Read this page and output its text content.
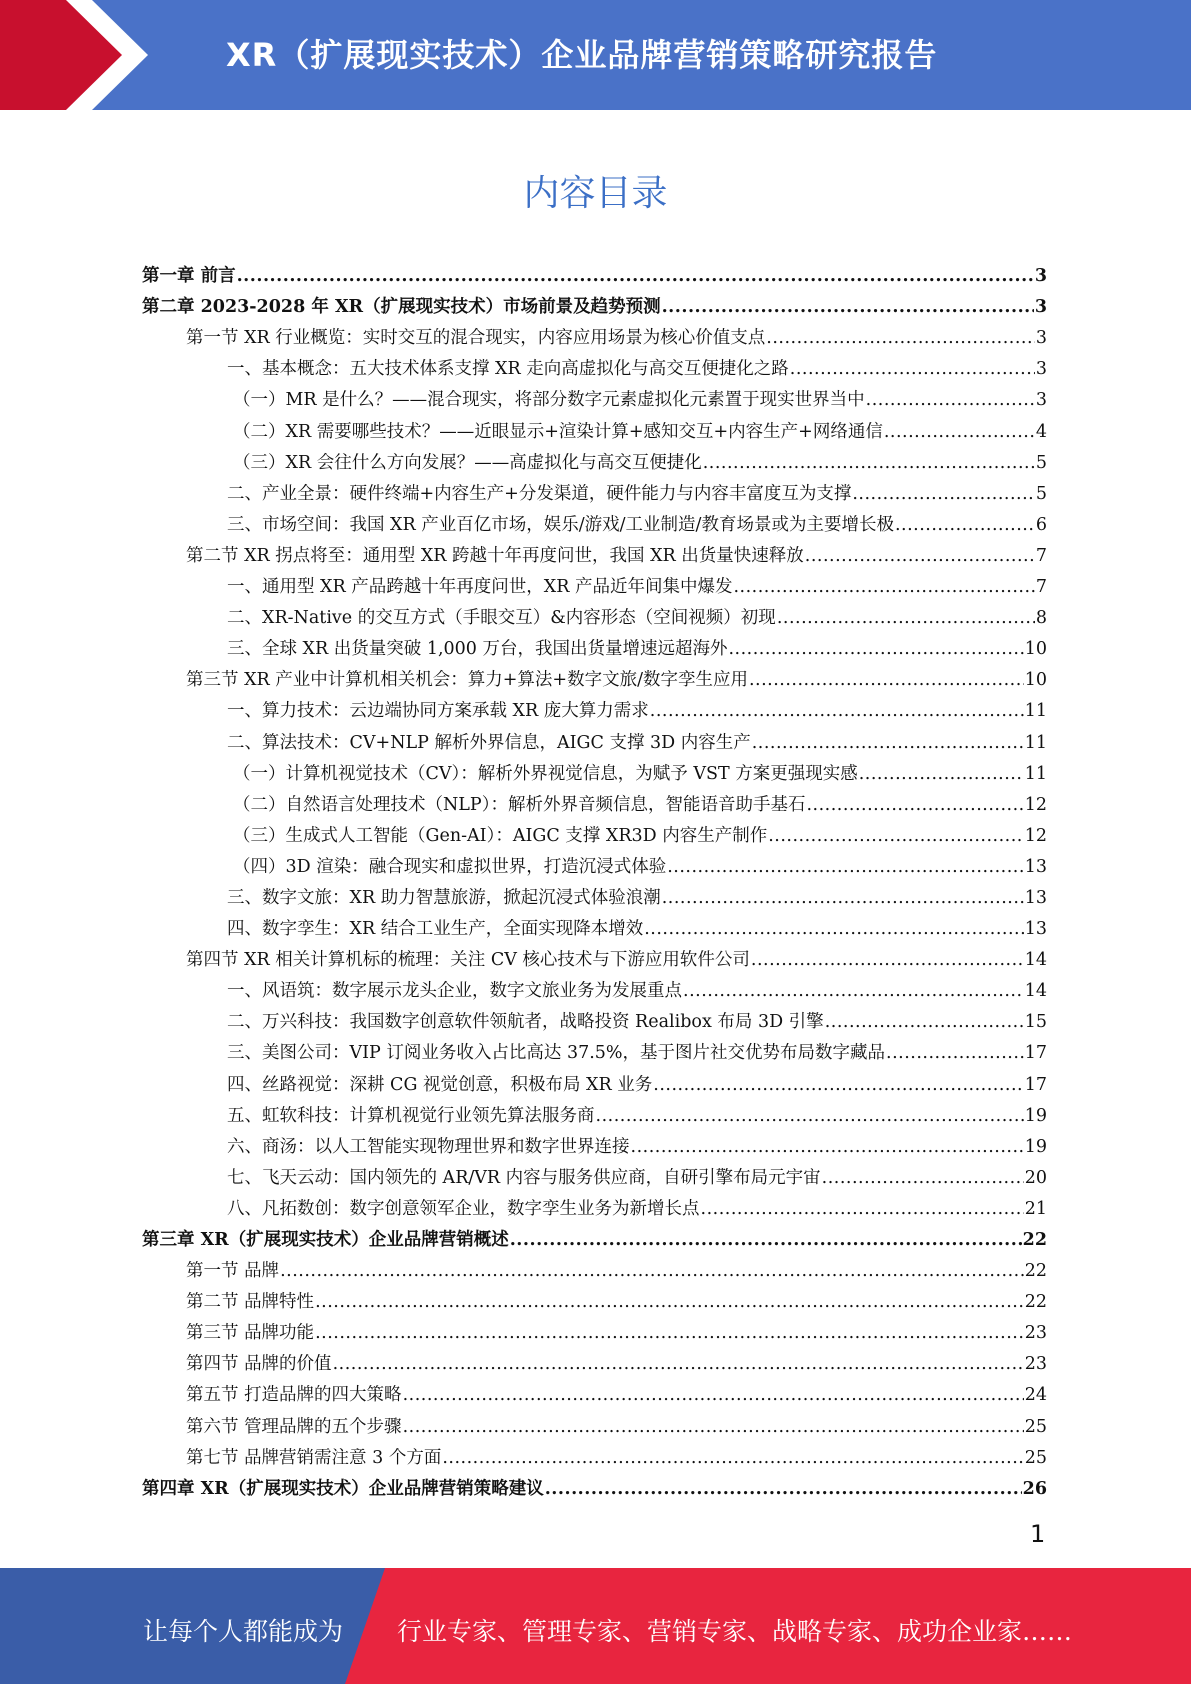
XR（扩展现实技术）企业品牌营销策略研究报告
内容目录
第一章 前言 .....	3
第二章 2023-2028 年 XR（扩展现实技术）市场前景及趋势预测 .....	3
第一节 XR 行业概览：实时交互的混合现实，内容应用场景为核心价值支点 .....	3
一、基本概念：五大技术体系支撑 XR 走向高虚拟化与高交互便捷化之路 .....	3
（一）MR 是什么？——混合现实，将部分数字元素虚拟化元素置于现实世界当中 .....	3
（二）XR 需要哪些技术？——近眼显示+渲染计算+感知交互+内容生产+网络通信 .....	4
（三）XR 会往什么方向发展？——高虚拟化与高交互便捷化 .....	5
二、产业全景：硬件终端+内容生产+分发渠道，硬件能力与内容丰富度互为支撑 .....	5
三、市场空间：我国 XR 产业百亿市场，娱乐/游戏/工业制造/教育场景或为主要增长极 .....	6
第二节 XR 拐点将至：通用型 XR 跨越十年再度问世，我国 XR 出货量快速释放 .....	7
一、通用型 XR 产品跨越十年再度问世，XR 产品近年间集中爆发 .....	7
二、XR-Native 的交互方式（手眼交互）&内容形态（空间视频）初现 .....	8
三、全球 XR 出货量突破 1,000 万台，我国出货量增速远超海外 .....	10
第三节 XR 产业中计算机相关机会：算力+算法+数字文旅/数字孪生应用 .....	10
一、算力技术：云边端协同方案承载 XR 庞大算力需求 .....	11
二、算法技术：CV+NLP 解析外界信息，AIGC 支撑 3D 内容生产 .....	11
（一）计算机视觉技术（CV）：解析外界视觉信息，为赋予 VST 方案更强现实感 .....	11
（二）自然语言处理技术（NLP）：解析外界音频信息，智能语音助手基石 .....	12
（三）生成式人工智能（Gen-AI）：AIGC 支撑 XR3D 内容生产制作 .....	12
（四）3D 渲染：融合现实和虚拟世界，打造沉浸式体验 .....	13
三、数字文旅：XR 助力智慧旅游，掀起沉浸式体验浪潮 .....	13
四、数字孪生：XR 结合工业生产，全面实现降本增效 .....	13
第四节 XR 相关计算机标的梳理：关注 CV 核心技术与下游应用软件公司 .....	14
一、风语筑：数字展示龙头企业，数字文旅业务为发展重点 .....	14
二、万兴科技：我国数字创意软件领航者，战略投资 Realibox 布局 3D 引擎 .....	15
三、美图公司：VIP 订阅业务收入占比高达 37.5%，基于图片社交优势布局数字藏品 .....	17
四、丝路视觉：深耕 CG 视觉创意，积极布局 XR 业务 .....	17
五、虹软科技：计算机视觉行业领先算法服务商 .....	19
六、商汤：以人工智能实现物理世界和数字世界连接 .....	19
七、飞天云动：国内领先的 AR/VR 内容与服务供应商，自研引擎布局元宇宙 .....	20
八、凡拓数创：数字创意领军企业，数字孪生业务为新增长点 .....	21
第三章 XR（扩展现实技术）企业品牌营销概述 .....	22
第一节 品牌 .....	22
第二节 品牌特性 .....	22
第三节 品牌功能 .....	23
第四节 品牌的价值 .....	23
第五节 打造品牌的四大策略 .....	24
第六节 管理品牌的五个步骤 .....	25
第七节 品牌营销需注意 3 个方面 .....	25
第四章 XR（扩展现实技术）企业品牌营销策略建议 .....	26
1
让每个人都能成为 行业专家、管理专家、营销专家、战略专家、成功企业家……
